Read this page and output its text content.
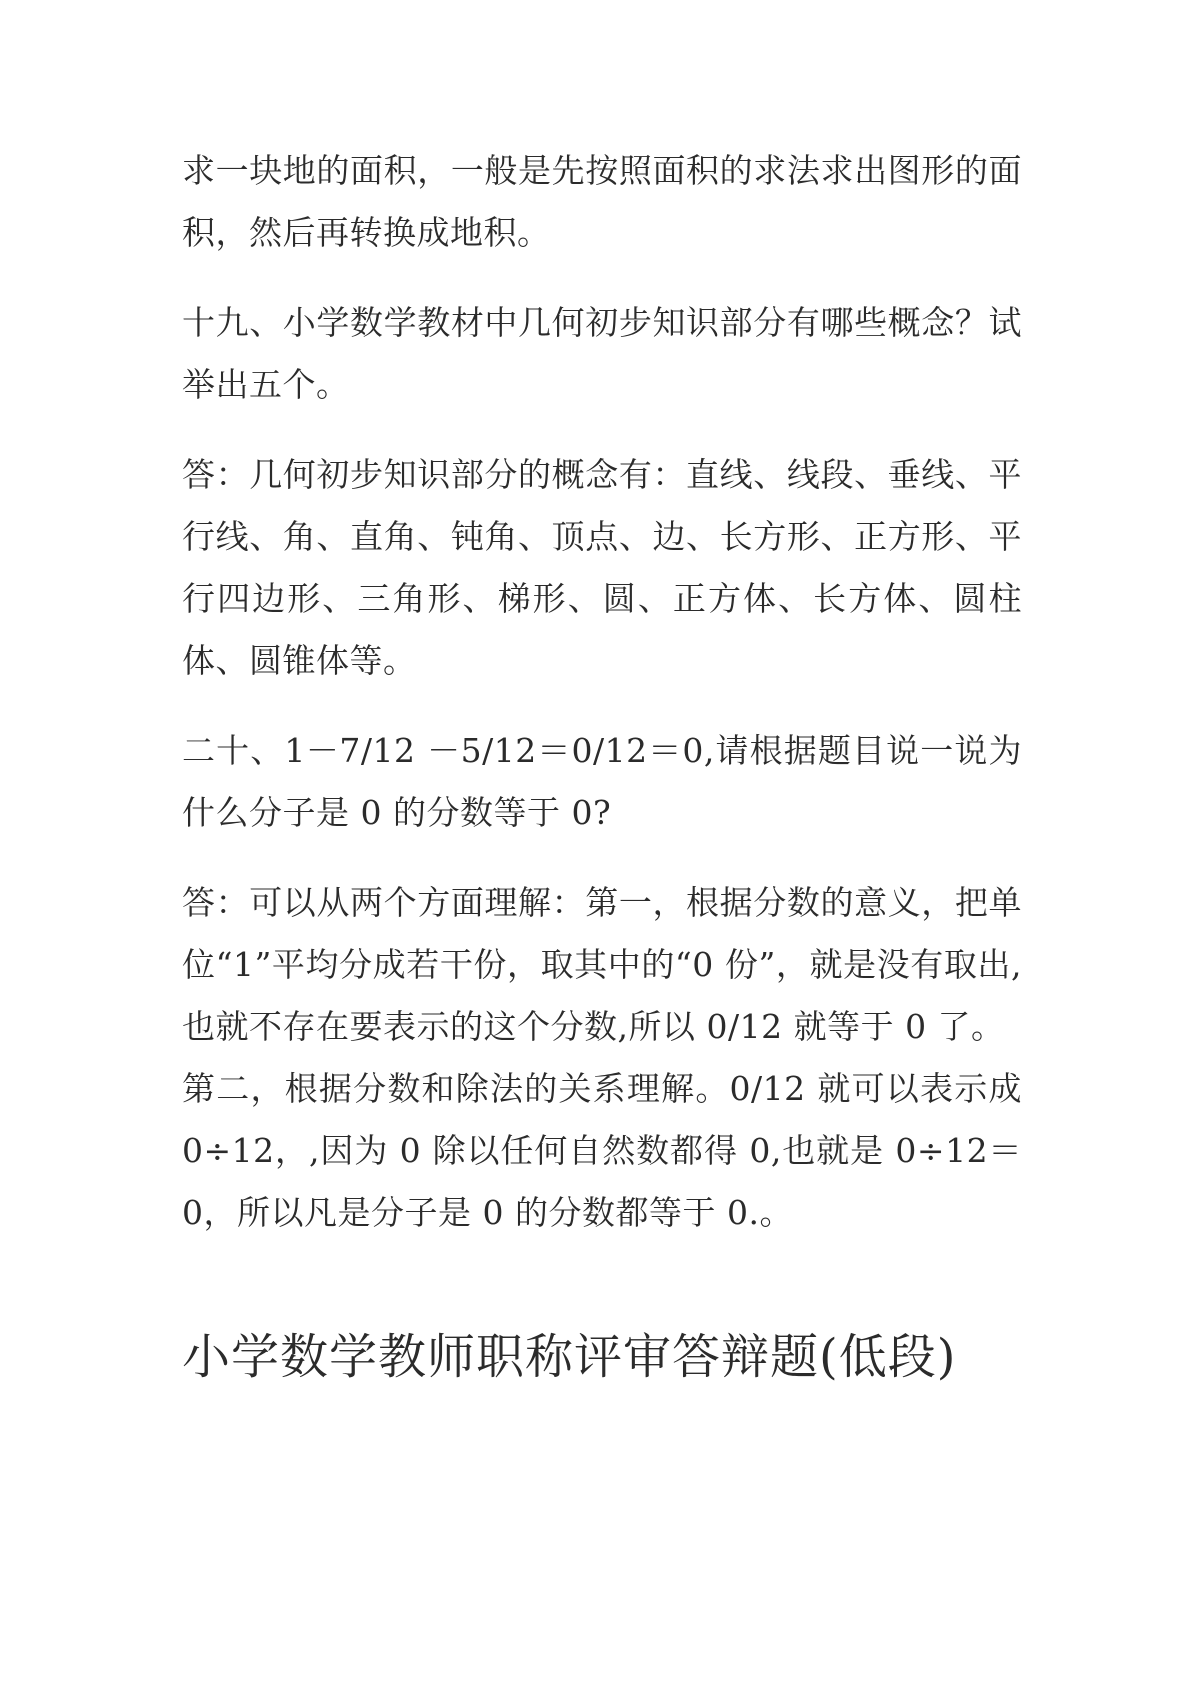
求一块地的面积，一般是先按照面积的求法求出图形的面积，然后再转换成地积。

十九、小学数学教材中几何初步知识部分有哪些概念？试举出五个。

答：几何初步知识部分的概念有：直线、线段、垂线、平行线、角、直角、钝角、顶点、边、长方形、正方形、平行四边形、三角形、梯形、圆、正方体、长方体、圆柱体、圆锥体等。

二十、1－7/12 －5/12＝0/12＝0,请根据题目说一说为什么分子是 0 的分数等于 0?

答：可以从两个方面理解：第一，根据分数的意义，把单位“1”平均分成若干份，取其中的“0 份”，就是没有取出,也就不存在要表示的这个分数,所以 0/12 就等于 0 了。

第二，根据分数和除法的关系理解。0/12 就可以表示成0÷12，,因为 0 除以任何自然数都得 0,也就是 0÷12＝0，所以凡是分子是 0 的分数都等于 0.。

小学数学教师职称评审答辩题(低段)
